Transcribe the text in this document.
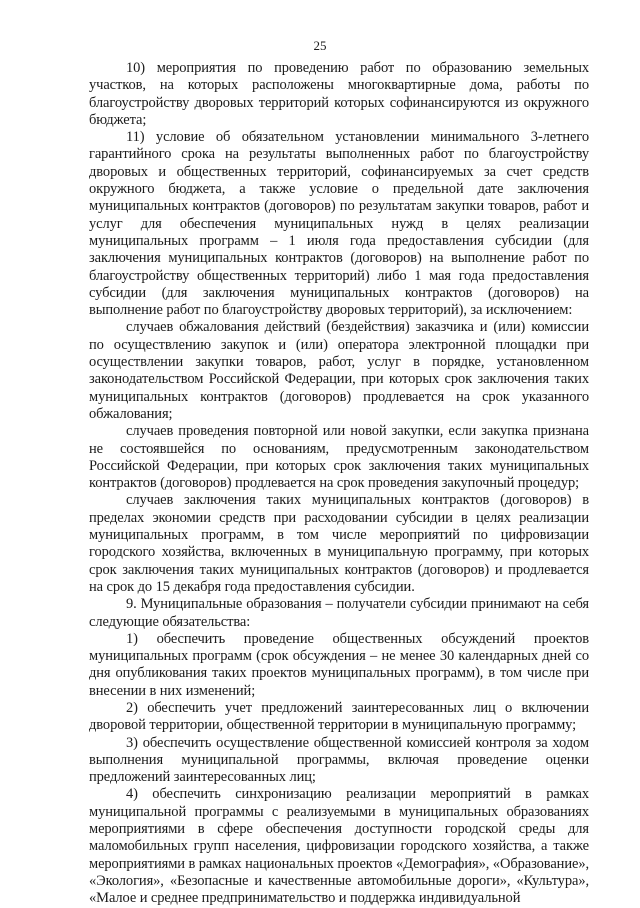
25

10) мероприятия по проведению работ по образованию земельных участков, на которых расположены многоквартирные дома, работы по благоустройству дворовых территорий которых софинансируются из окружного бюджета;

11) условие об обязательном установлении минимального 3-летнего гарантийного срока на результаты выполненных работ по благоустройству дворовых и общественных территорий, софинансируемых за счет средств окружного бюджета, а также условие о предельной дате заключения муниципальных контрактов (договоров) по результатам закупки товаров, работ и услуг для обеспечения муниципальных нужд в целях реализации муниципальных программ – 1 июля года предоставления субсидии (для заключения муниципальных контрактов (договоров) на выполнение работ по благоустройству общественных территорий) либо 1 мая года предоставления субсидии (для заключения муниципальных контрактов (договоров) на выполнение работ по благоустройству дворовых территорий), за исключением:

случаев обжалования действий (бездействия) заказчика и (или) комиссии по осуществлению закупок и (или) оператора электронной площадки при осуществлении закупки товаров, работ, услуг в порядке, установленном законодательством Российской Федерации, при которых срок заключения таких муниципальных контрактов (договоров) продлевается на срок указанного обжалования;

случаев проведения повторной или новой закупки, если закупка признана не состоявшейся по основаниям, предусмотренным законодательством Российской Федерации, при которых срок заключения таких муниципальных контрактов (договоров) продлевается на срок проведения закупочный процедур;

случаев заключения таких муниципальных контрактов (договоров) в пределах экономии средств при расходовании субсидии в целях реализации муниципальных программ, в том числе мероприятий по цифровизации городского хозяйства, включенных в муниципальную программу, при которых срок заключения таких муниципальных контрактов (договоров) и продлевается на срок до 15 декабря года предоставления субсидии.

9. Муниципальные образования – получатели субсидии принимают на себя следующие обязательства:

1) обеспечить проведение общественных обсуждений проектов муниципальных программ (срок обсуждения – не менее 30 календарных дней со дня опубликования таких проектов муниципальных программ), в том числе при внесении в них изменений;

2) обеспечить учет предложений заинтересованных лиц о включении дворовой территории, общественной территории в муниципальную программу;

3) обеспечить осуществление общественной комиссией контроля за ходом выполнения муниципальной программы, включая проведение оценки предложений заинтересованных лиц;

4) обеспечить синхронизацию реализации мероприятий в рамках муниципальной программы с реализуемыми в муниципальных образованиях мероприятиями в сфере обеспечения доступности городской среды для маломобильных групп населения, цифровизации городского хозяйства, а также мероприятиями в рамках национальных проектов «Демография», «Образование», «Экология», «Безопасные и качественные автомобильные дороги», «Культура», «Малое и среднее предпринимательство и поддержка индивидуальной
